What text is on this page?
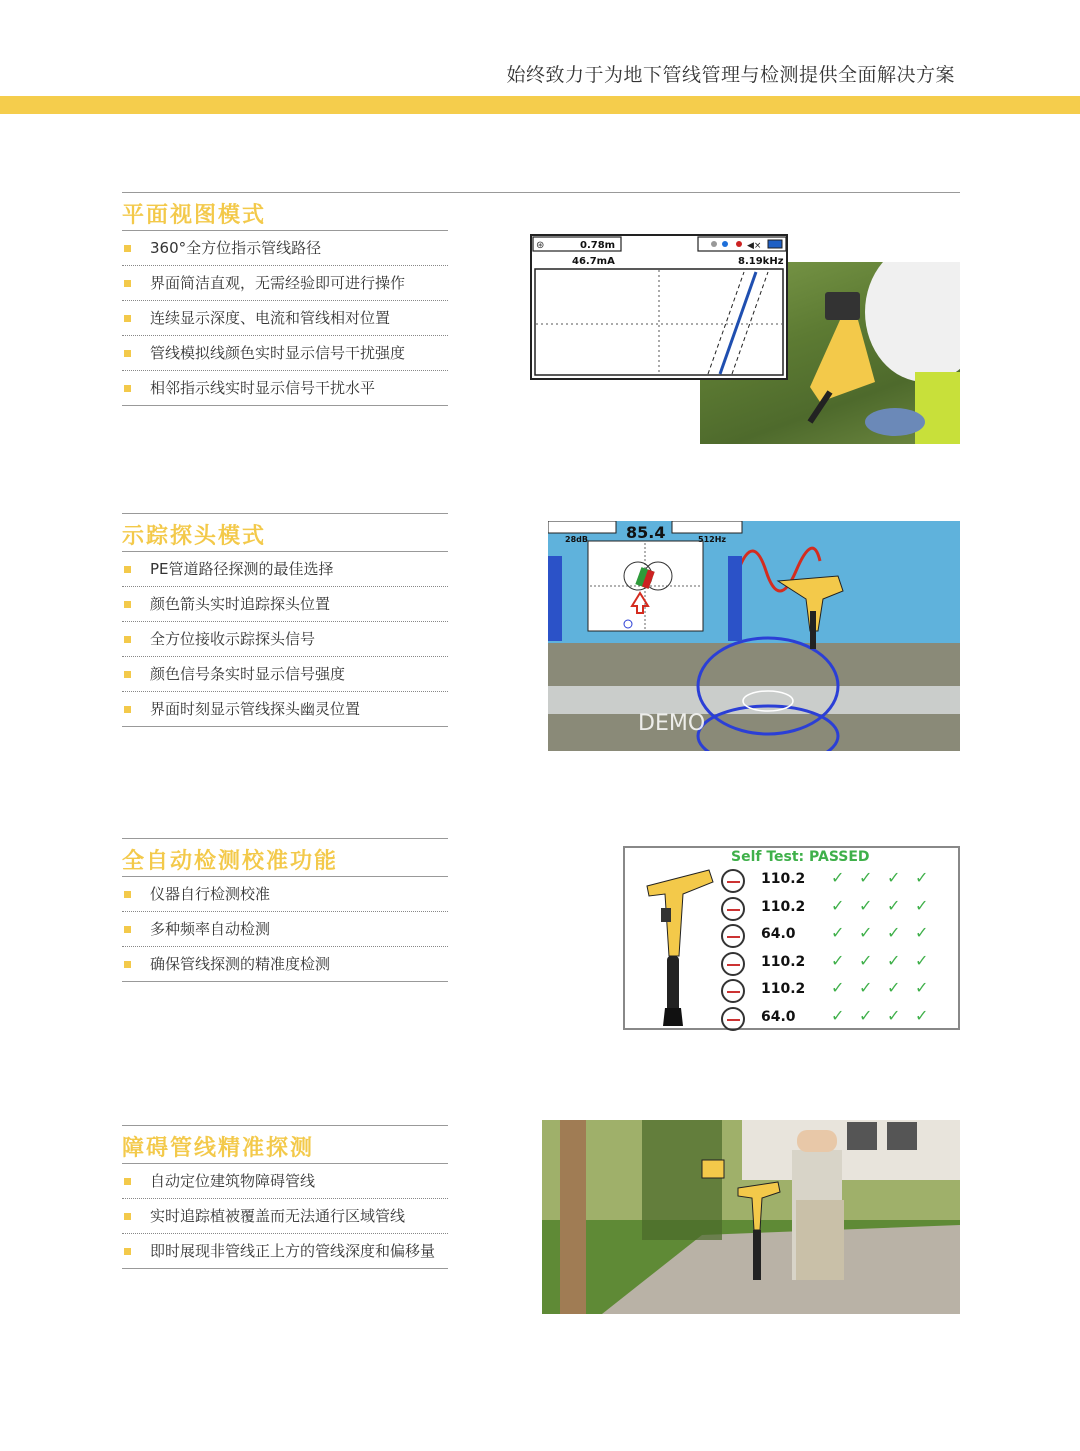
始终致力于为地下管线管理与检测提供全面解决方案
平面视图模式
360°全方位指示管线路径
界面简洁直观，无需经验即可进行操作
连续显示深度、电流和管线相对位置
管线模拟线颜色实时显示信号干扰强度
相邻指示线实时显示信号干扰水平
⊛	0.78m	◀×
46.7mA	8.19kHz
示踪探头模式
PE管道路径探测的最佳选择
颜色箭头实时追踪探头位置
全方位接收示踪探头信号
颜色信号条实时显示信号强度
界面时刻显示管线探头幽灵位置
85.4
28dB	512Hz
DEMO
全自动检测校准功能
仪器自行检测校准
多种频率自动检测
确保管线探测的精准度检测
Self Test: PASSED
110.2 ✓ ✓ ✓ ✓
110.2 ✓ ✓ ✓ ✓
64.0 ✓ ✓ ✓ ✓
110.2 ✓ ✓ ✓ ✓
110.2 ✓ ✓ ✓ ✓
64.0 ✓ ✓ ✓ ✓
障碍管线精准探测
自动定位建筑物障碍管线
实时追踪植被覆盖而无法通行区域管线
即时展现非管线正上方的管线深度和偏移量
